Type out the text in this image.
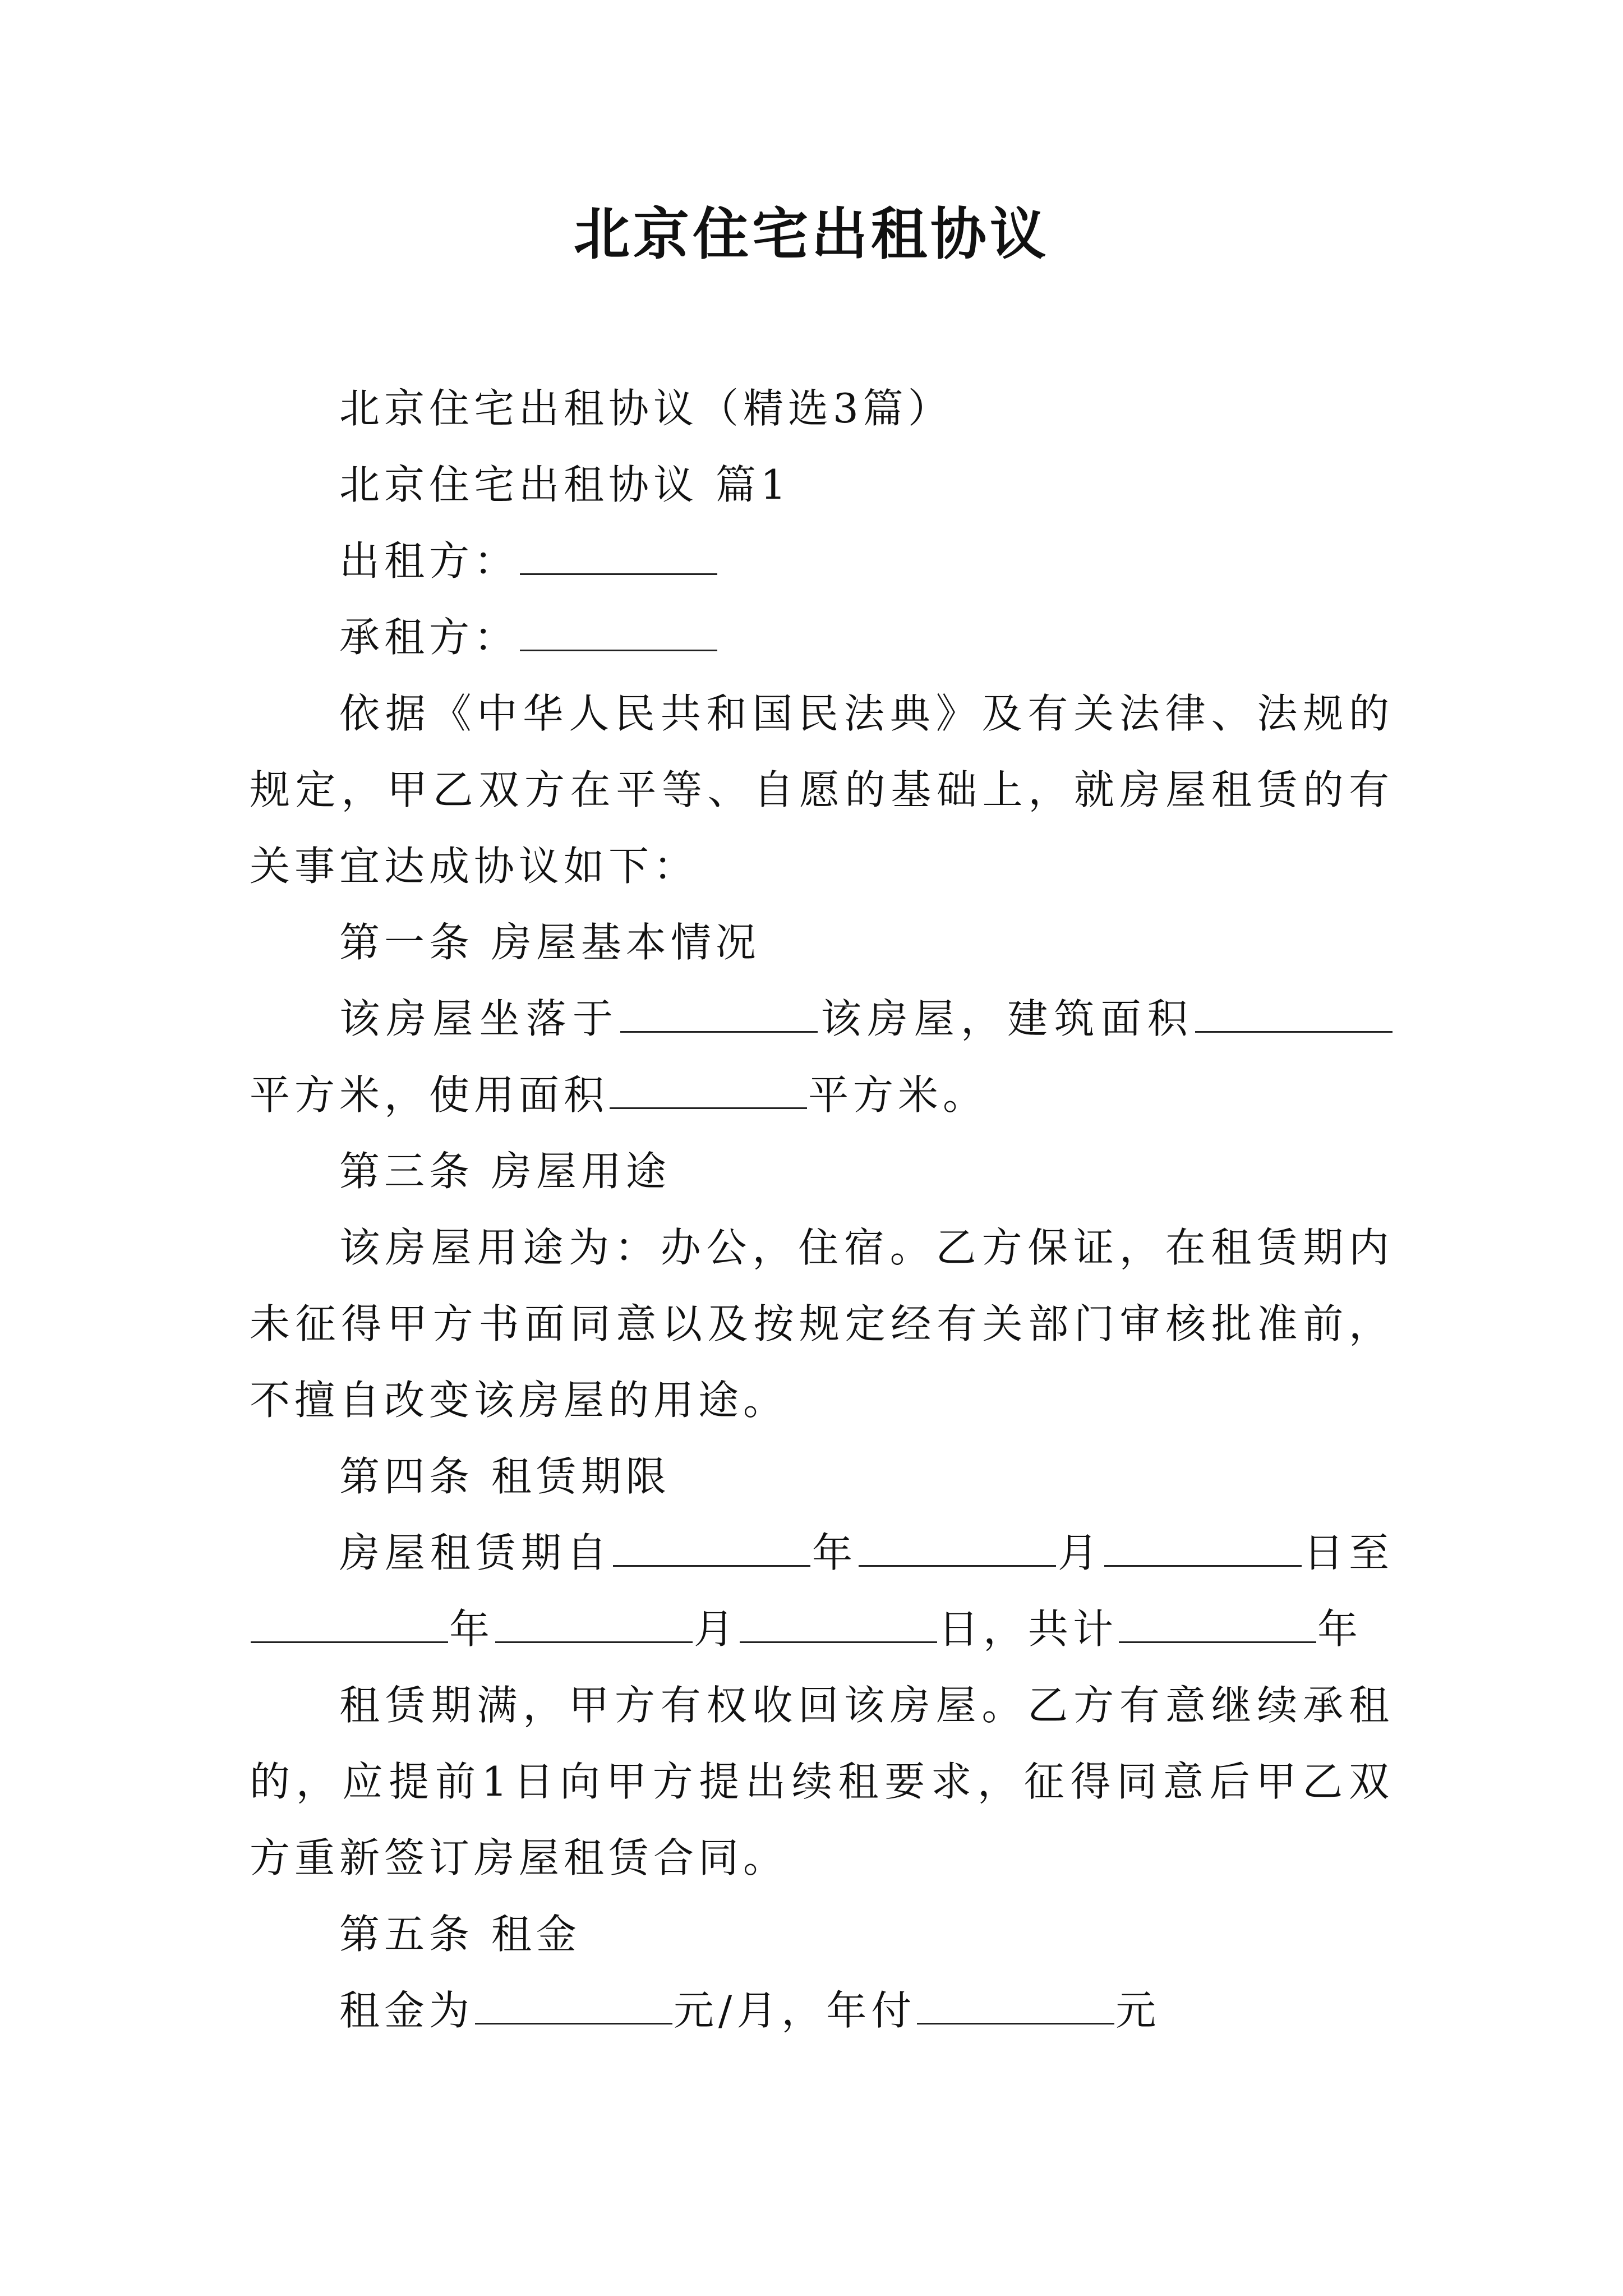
北京住宅出租协议

北京住宅出租协议（精选3篇）

北京住宅出租协议 篇1

出租方：

承租方：

依据《中华人民共和国民法典》及有关法律、法规的规定，甲乙双方在平等、自愿的基础上，就房屋租赁的有关事宜达成协议如下：

第一条 房屋基本情况

该房屋坐落于	该房屋，建筑面积平方米，使用面积	平方米。

第三条 房屋用途

该房屋用途为：办公，住宿。乙方保证，在租赁期内未征得甲方书面同意以及按规定经有关部门审核批准前，不擅自改变该房屋的用途。

第四条 租赁期限

房屋租赁期自	年	月	日至年	月	日，共计	年

租赁期满，甲方有权收回该房屋。乙方有意继续承租的，应提前1日向甲方提出续租要求，征得同意后甲乙双方重新签订房屋租赁合同。

第五条 租金

租金为	元/月，年付	元
